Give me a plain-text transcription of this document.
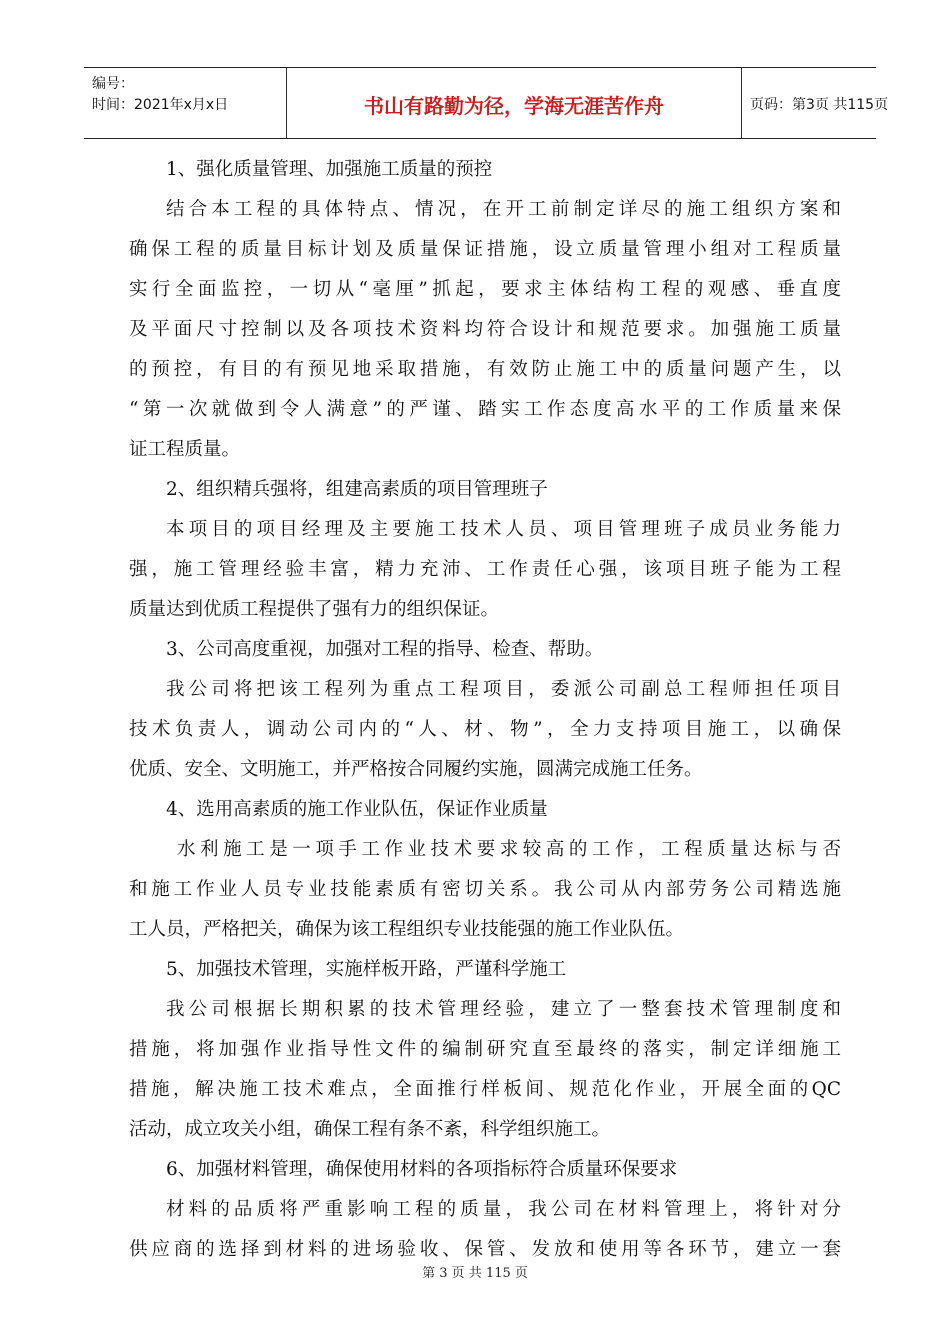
编号：
时间：2021年x月x日	书山有路勤为径，学海无涯苦作舟	页码：第3页 共115页
1、强化质量管理、加强施工质量的预控
结合本工程的具体特点、情况，在开工前制定详尽的施工组织方案和
确保工程的质量目标计划及质量保证措施，设立质量管理小组对工程质量
实行全面监控，一切从“毫厘”抓起，要求主体结构工程的观感、垂直度
及平面尺寸控制以及各项技术资料均符合设计和规范要求。加强施工质量
的预控，有目的有预见地采取措施，有效防止施工中的质量问题产生，以
“第一次就做到令人满意”的严谨、踏实工作态度高水平的工作质量来保
证工程质量。
2、组织精兵强将，组建高素质的项目管理班子
本项目的项目经理及主要施工技术人员、项目管理班子成员业务能力
强，施工管理经验丰富，精力充沛、工作责任心强，该项目班子能为工程
质量达到优质工程提供了强有力的组织保证。
3、公司高度重视，加强对工程的指导、检查、帮助。
我公司将把该工程列为重点工程项目，委派公司副总工程师担任项目
技术负责人，调动公司内的“人、材、物”，全力支持项目施工，以确保
优质、安全、文明施工，并严格按合同履约实施，圆满完成施工任务。
4、选用高素质的施工作业队伍，保证作业质量
水利施工是一项手工作业技术要求较高的工作，工程质量达标与否
和施工作业人员专业技能素质有密切关系。我公司从内部劳务公司精选施
工人员，严格把关，确保为该工程组织专业技能强的施工作业队伍。
5、加强技术管理，实施样板开路，严谨科学施工
我公司根据长期积累的技术管理经验，建立了一整套技术管理制度和
措施，将加强作业指导性文件的编制研究直至最终的落实，制定详细施工
措施，解决施工技术难点，全面推行样板间、规范化作业，开展全面的QC
活动，成立攻关小组，确保工程有条不紊，科学组织施工。
6、加强材料管理，确保使用材料的各项指标符合质量环保要求
材料的品质将严重影响工程的质量，我公司在材料管理上，将针对分
供应商的选择到材料的进场验收、保管、发放和使用等各环节，建立一套
第 3 页 共 115 页
